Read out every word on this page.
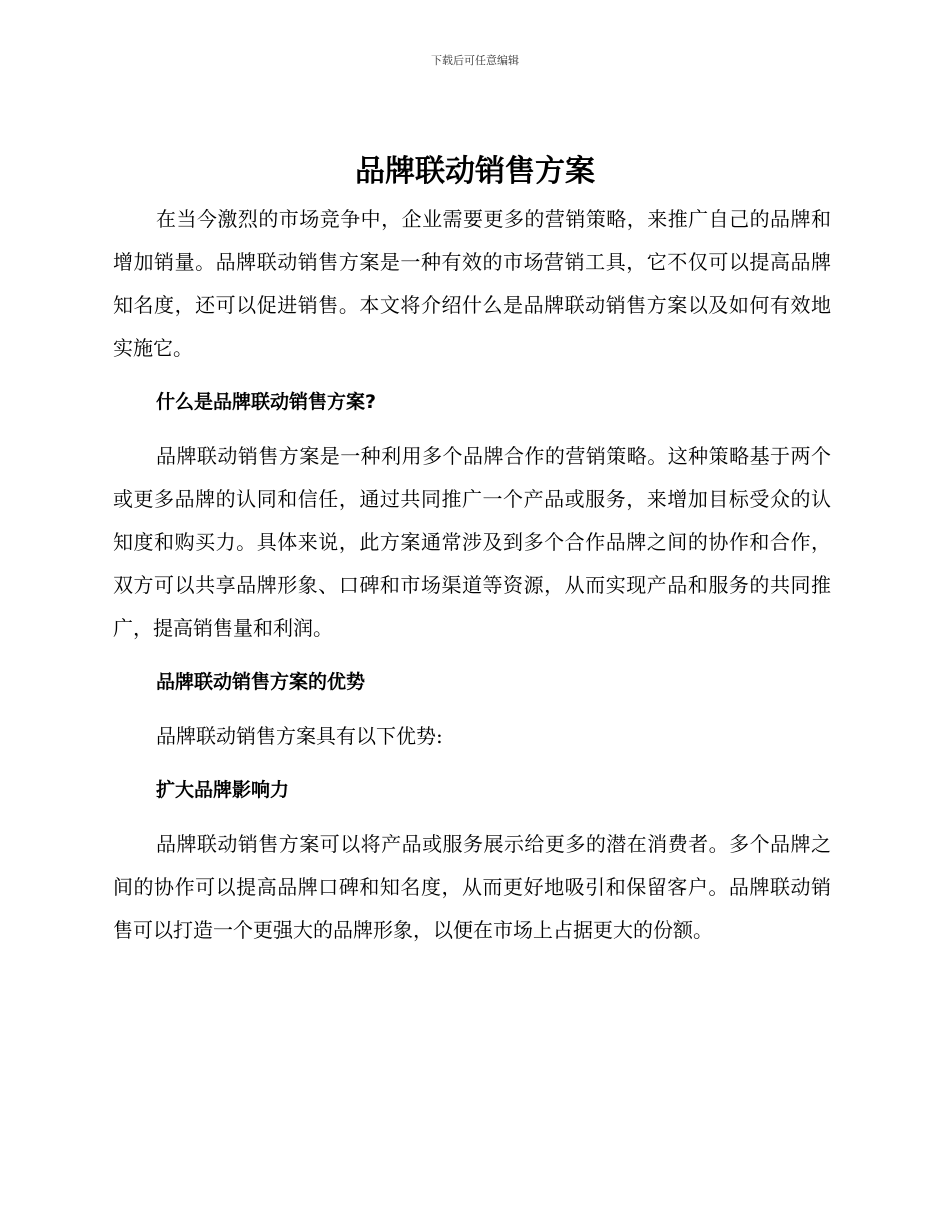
下载后可任意编辑
品牌联动销售方案

在当今激烈的市场竞争中，企业需要更多的营销策略，来推广自己的品牌和增加销量。品牌联动销售方案是一种有效的市场营销工具，它不仅可以提高品牌知名度，还可以促进销售。本文将介绍什么是品牌联动销售方案以及如何有效地实施它。

什么是品牌联动销售方案?

品牌联动销售方案是一种利用多个品牌合作的营销策略。这种策略基于两个或更多品牌的认同和信任，通过共同推广一个产品或服务，来增加目标受众的认知度和购买力。具体来说，此方案通常涉及到多个合作品牌之间的协作和合作，双方可以共享品牌形象、口碑和市场渠道等资源，从而实现产品和服务的共同推广，提高销售量和利润。

品牌联动销售方案的优势

品牌联动销售方案具有以下优势:

扩大品牌影响力

品牌联动销售方案可以将产品或服务展示给更多的潜在消费者。多个品牌之间的协作可以提高品牌口碑和知名度，从而更好地吸引和保留客户。品牌联动销售可以打造一个更强大的品牌形象，以便在市场上占据更大的份额。
